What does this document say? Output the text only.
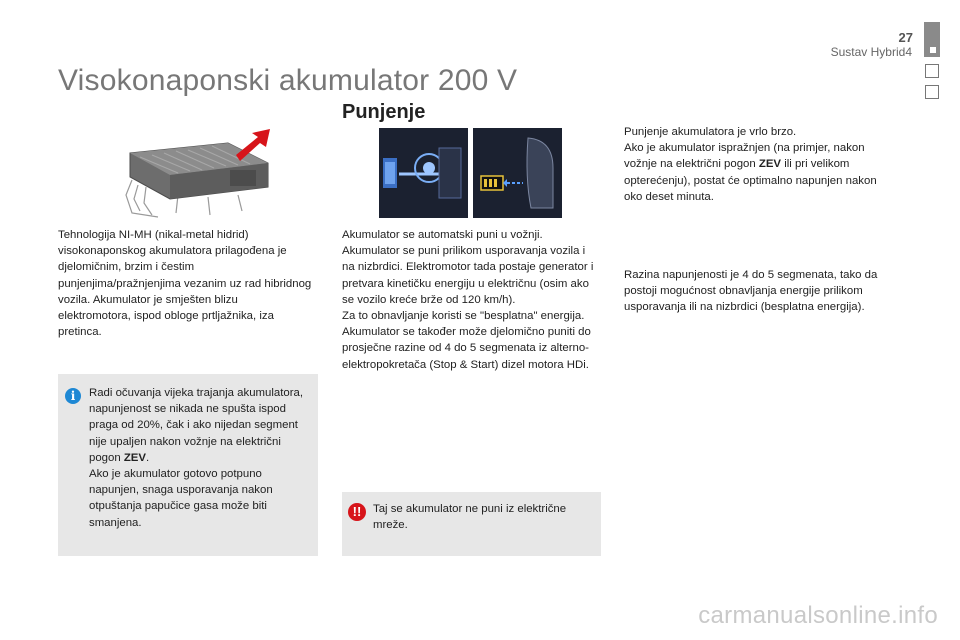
27
Sustav Hybrid4
Visokonaponski akumulator 200 V
Punjenje
Tehnologija NI-MH (nikal-metal hidrid) visokonaponskog akumulatora prilagođena je djelomičnim, brzim i čestim punjenjima/pražnjenjima vezanim uz rad hibridnog vozila. Akumulator je smješten blizu elektromotora, ispod obloge prtljažnika, iza pretinca.
i	Radi očuvanja vijeka trajanja akumulatora, napunjenost se nikada ne spušta ispod praga od 20%, čak i ako nijedan segment nije upaljen nakon vožnje na električni pogon ZEV.
Ako je akumulator gotovo potpuno napunjen, snaga usporavanja nakon otpuštanja papučice gasa može biti smanjena.
Akumulator se automatski puni u vožnji.
Akumulator se puni prilikom usporavanja vozila i na nizbrdici. Elektromotor tada postaje generator i pretvara kinetičku energiju u električnu (osim ako se vozilo kreće brže od 120 km/h).
Za to obnavljanje koristi se "besplatna" energija.
Akumulator se također može djelomično puniti do prosječne razine od 4 do 5 segmenata iz alterno-elektropokretača (Stop & Start) dizel motora HDi.
!!	Taj se akumulator ne puni iz električne mreže.
Punjenje akumulatora je vrlo brzo.
Ako je akumulator ispražnjen (na primjer, nakon vožnje na električni pogon ZEV ili pri velikom opterećenju), postat će optimalno napunjen nakon oko deset minuta.
Razina napunjenosti je 4 do 5 segmenata, tako da postoji mogućnost obnavljanja energije prilikom usporavanja ili na nizbrdici (besplatna energija).
carmanualsonline.info
